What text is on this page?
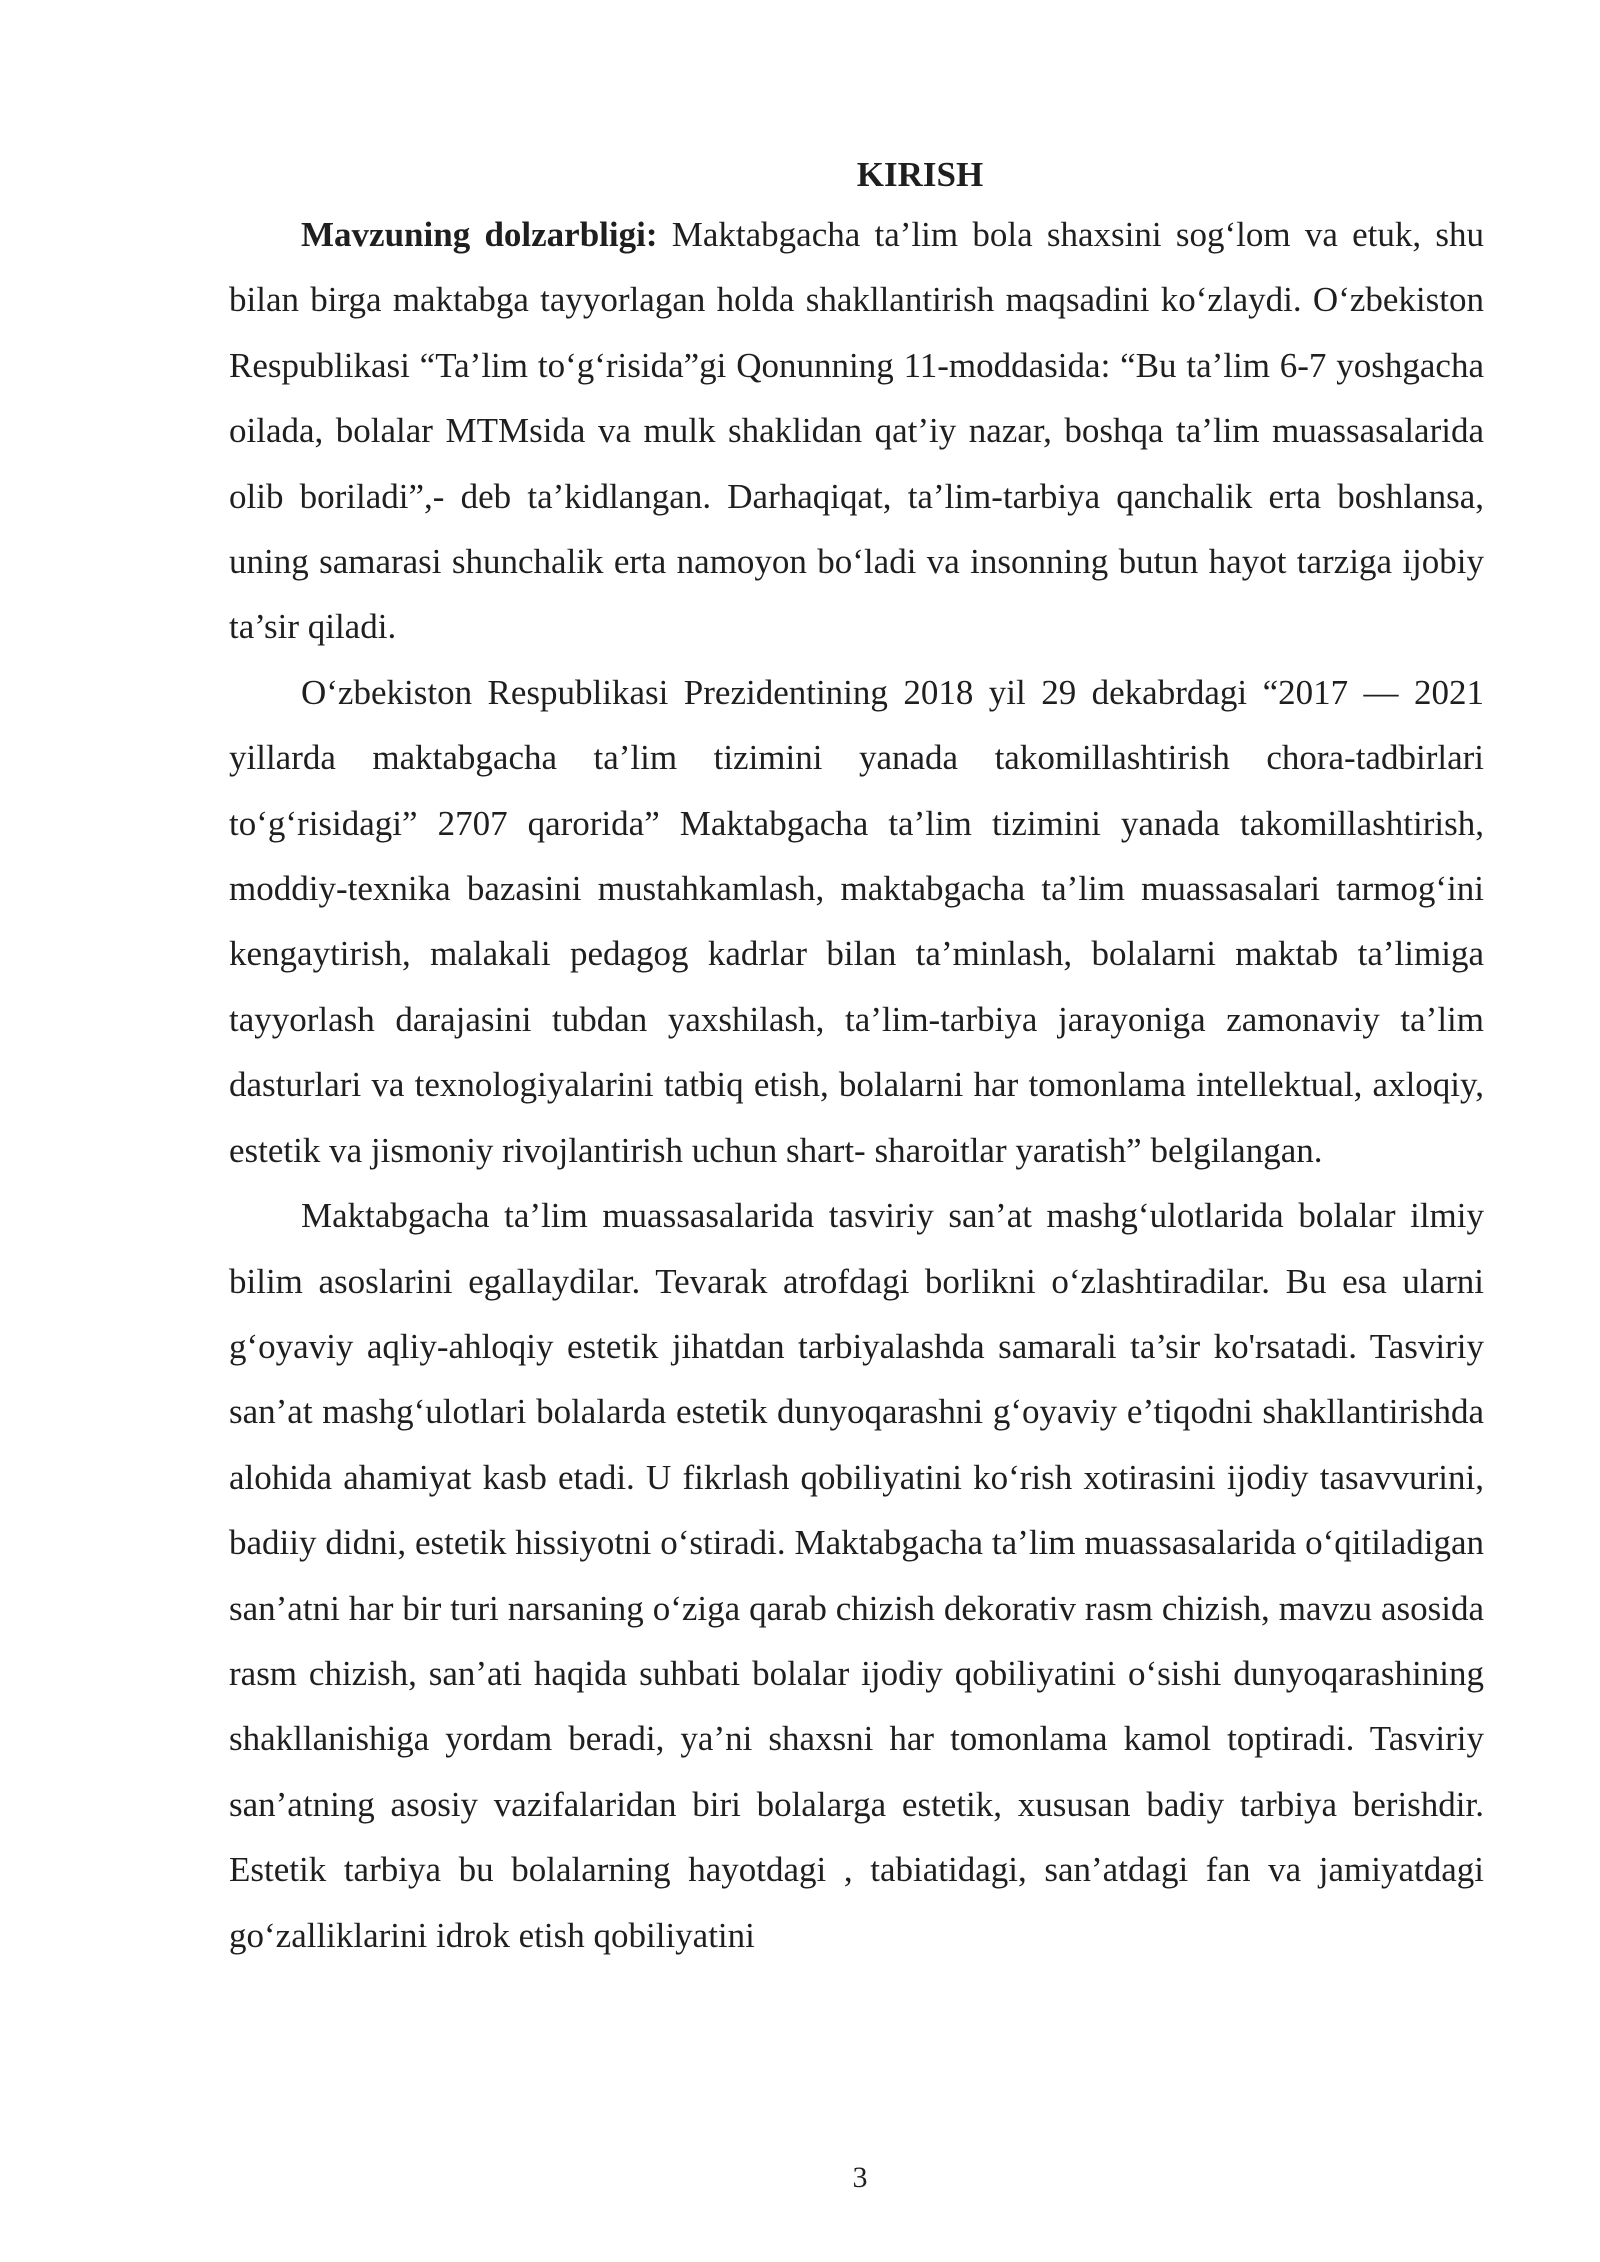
KIRISH

Mavzuning dolzarbligi: Maktabgacha ta’lim bola shaxsini sog‘lom va etuk, shu bilan birga maktabga tayyorlagan holda shakllantirish maqsadini ko‘zlaydi. O‘zbekiston Respublikasi “Ta’lim to‘g‘risida”gi Qonunning 11-moddasida: “Bu ta’lim 6-7 yoshgacha oilada, bolalar MTMsida va mulk shaklidan qat’iy nazar, boshqa ta’lim muassasalarida olib boriladi”,- deb ta’kidlangan. Darhaqiqat, ta’lim-tarbiya qanchalik erta boshlansa, uning samarasi shunchalik erta namoyon bo‘ladi va insonning butun hayot tarziga ijobiy ta’sir qiladi.

O‘zbekiston Respublikasi Prezidentining 2018 yil 29 dekabrdagi “2017 — 2021 yillarda maktabgacha ta’lim tizimini yanada takomillashtirish chora-tadbirlari to‘g‘risidagi” 2707 qarorida” Maktabgacha ta’lim tizimini yanada takomillashtirish, moddiy-texnika bazasini mustahkamlash, maktabgacha ta’lim muassasalari tarmog‘ini kengaytirish, malakali pedagog kadrlar bilan ta’minlash, bolalarni maktab ta’limiga tayyorlash darajasini tubdan yaxshilash, ta’lim-tarbiya jarayoniga zamonaviy ta’lim dasturlari va texnologiyalarini tatbiq etish, bolalarni har tomonlama intellektual, axloqiy, estetik va jismoniy rivojlantirish uchun shart- sharoitlar yaratish” belgilangan.

Maktabgacha ta’lim muassasalarida tasviriy san’at mashg‘ulotlarida bolalar ilmiy bilim asoslarini egallaydilar. Tevarak atrofdagi borlikni o‘zlashtiradilar. Bu esa ularni g‘oyaviy aqliy-ahloqiy estetik jihatdan tarbiyalashda samarali ta’sir ko'rsatadi. Tasviriy san’at mashg‘ulotlari bolalarda estetik dunyoqarashni g‘oyaviy e’tiqodni shakllantirishda alohida ahamiyat kasb etadi. U fikrlash qobiliyatini ko‘rish xotirasini ijodiy tasavvurini, badiiy didni, estetik hissiyotni o‘stiradi. Maktabgacha ta’lim muassasalarida o‘qitiladigan san’atni har bir turi narsaning o‘ziga qarab chizish dekorativ rasm chizish, mavzu asosida rasm chizish, san’ati haqida suhbati bolalar ijodiy qobiliyatini o‘sishi dunyoqarashining shakllanishiga yordam beradi, ya’ni shaxsni har tomonlama kamol toptiradi. Tasviriy san’atning asosiy vazifalaridan biri bolalarga estetik, xususan badiy tarbiya berishdir. Estetik tarbiya bu bolalarning hayotdagi , tabiatidagi, san’atdagi fan va jamiyatdagi go‘zalliklarini idrok etish qobiliyatini

3
